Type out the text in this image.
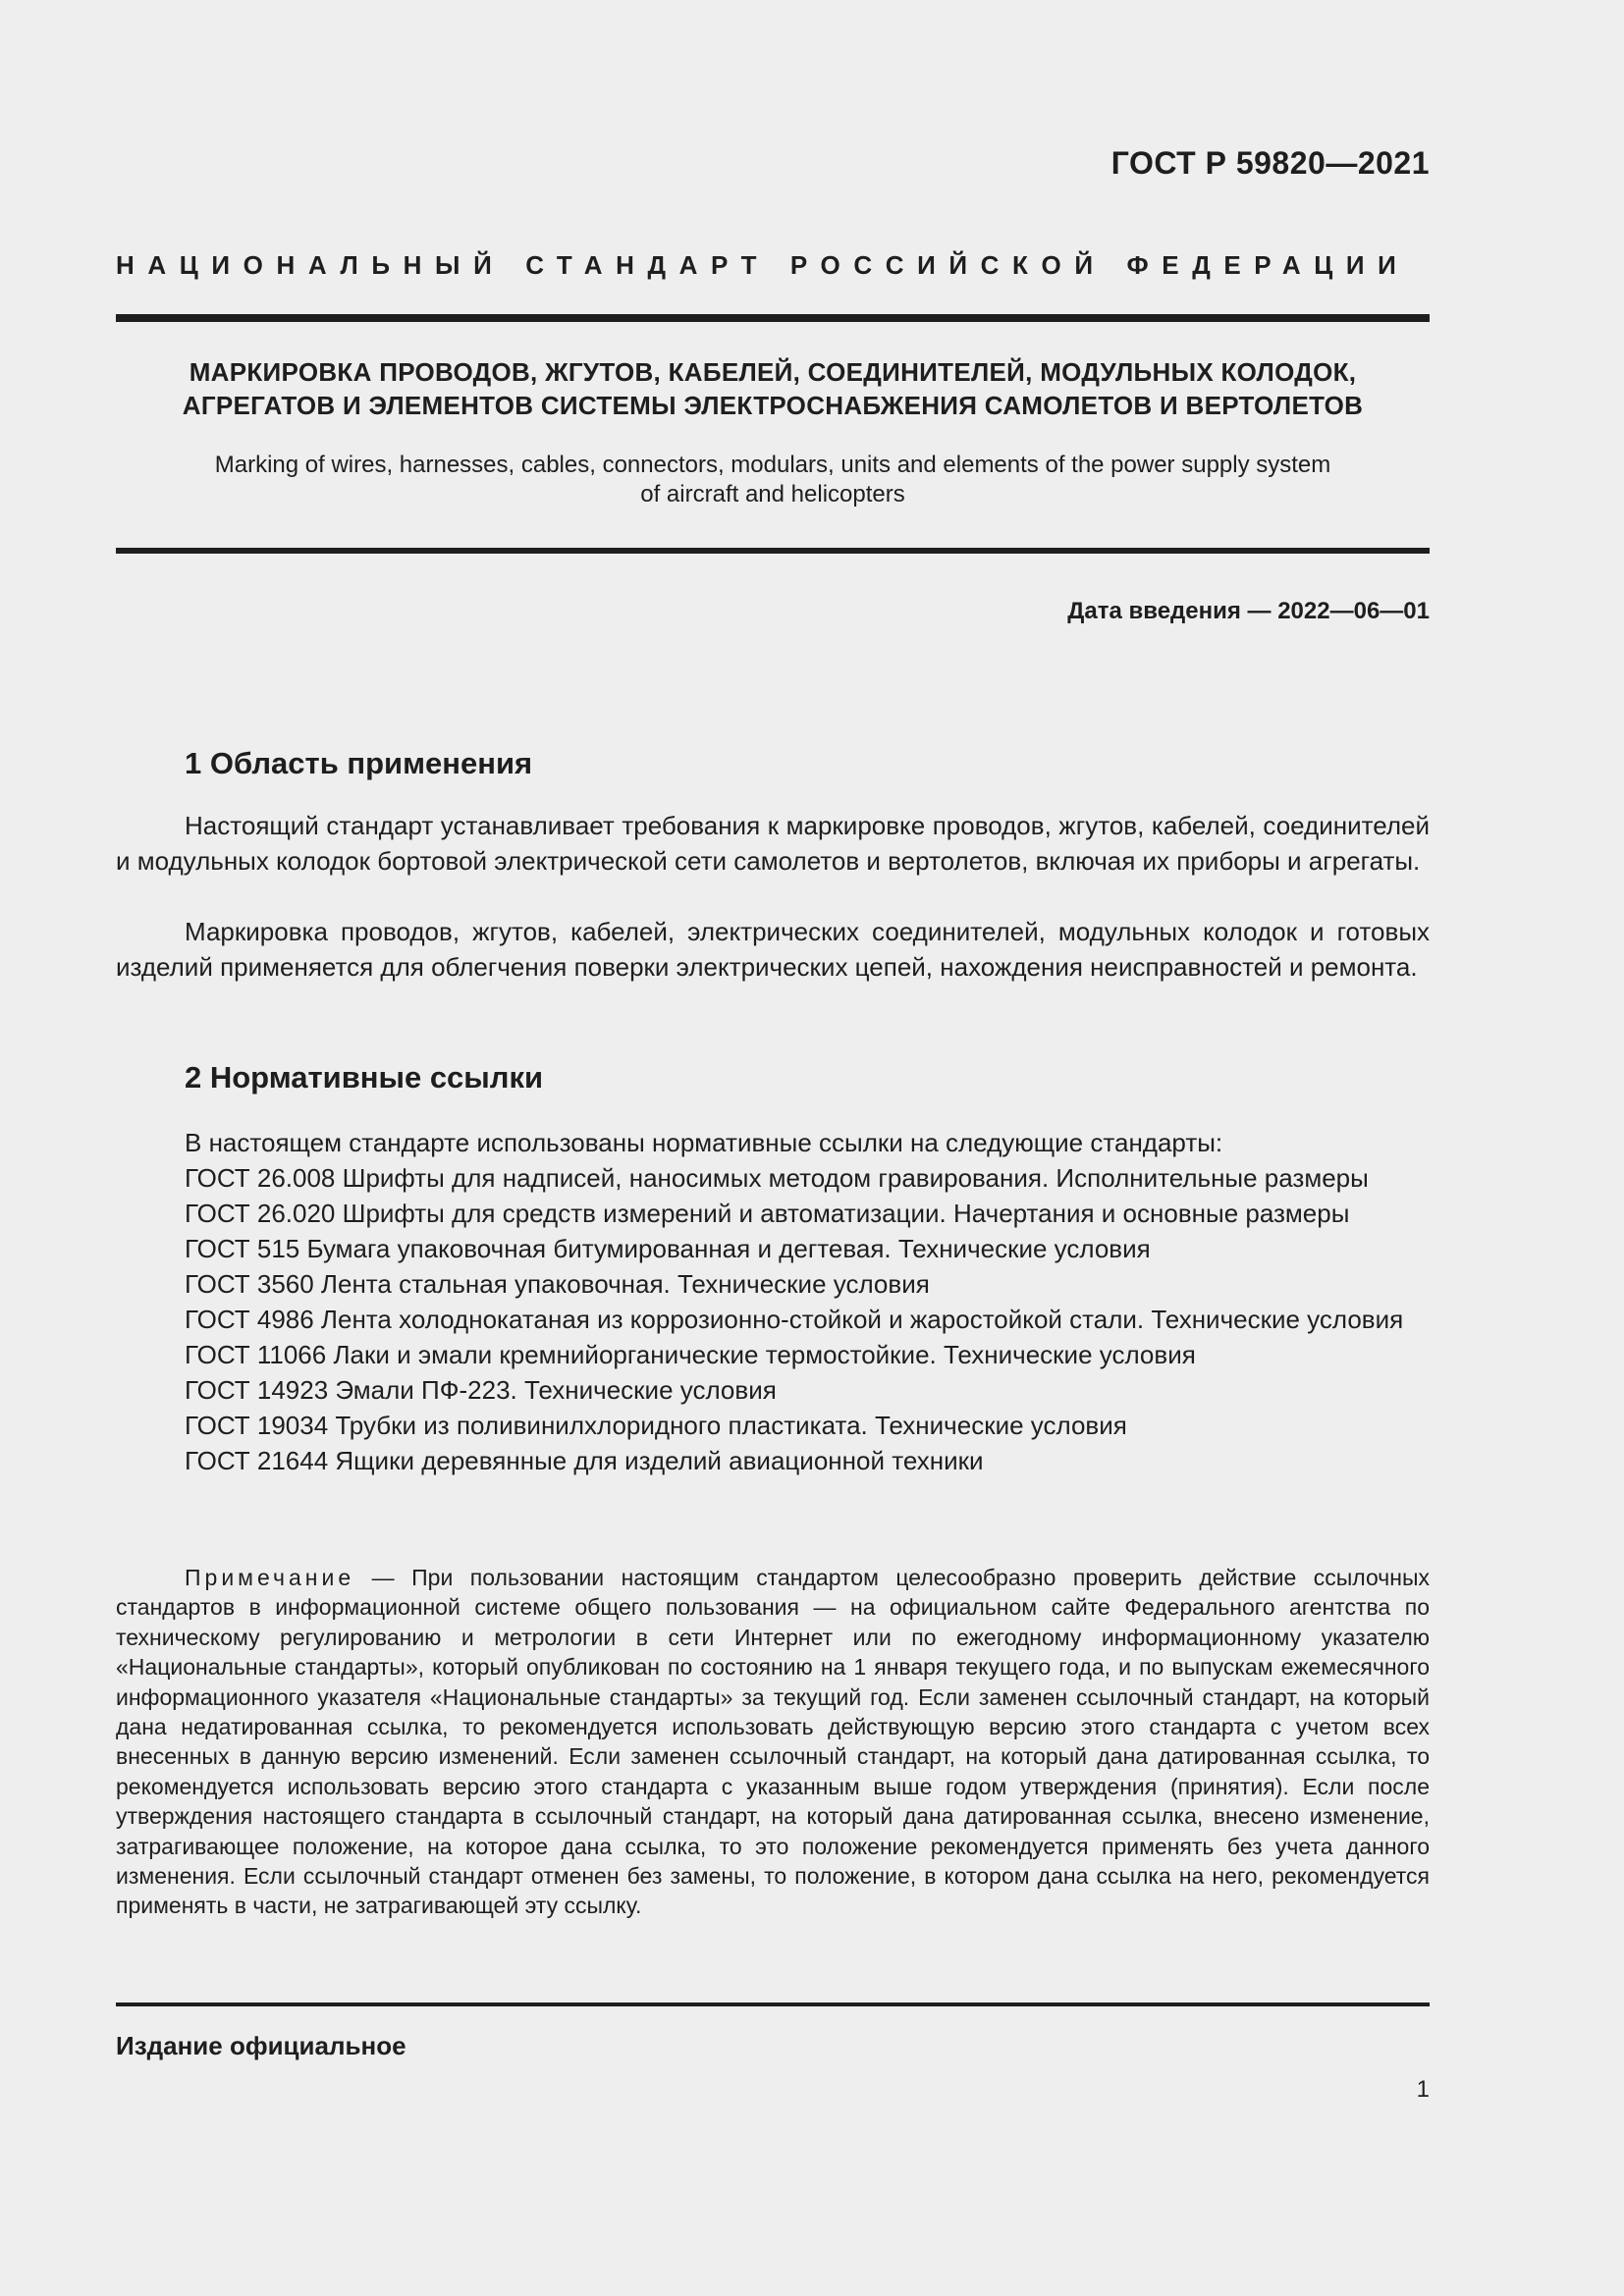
ГОСТ Р 59820—2021
НАЦИОНАЛЬНЫЙ СТАНДАРТ РОССИЙСКОЙ ФЕДЕРАЦИИ
МАРКИРОВКА ПРОВОДОВ, ЖГУТОВ, КАБЕЛЕЙ, СОЕДИНИТЕЛЕЙ, МОДУЛЬНЫХ КОЛОДОК,
АГРЕГАТОВ И ЭЛЕМЕНТОВ СИСТЕМЫ ЭЛЕКТРОСНАБЖЕНИЯ САМОЛЕТОВ И ВЕРТОЛЕТОВ
Marking of wires, harnesses, cables, connectors, modulars, units and elements of the power supply system
of aircraft and helicopters
Дата введения — 2022—06—01
1 Область применения
Настоящий стандарт устанавливает требования к маркировке проводов, жгутов, кабелей, соединителей и модульных колодок бортовой электрической сети самолетов и вертолетов, включая их приборы и агрегаты.
Маркировка проводов, жгутов, кабелей, электрических соединителей, модульных колодок и готовых изделий применяется для облегчения поверки электрических цепей, нахождения неисправностей и ремонта.
2 Нормативные ссылки
В настоящем стандарте использованы нормативные ссылки на следующие стандарты:
ГОСТ 26.008 Шрифты для надписей, наносимых методом гравирования. Исполнительные размеры
ГОСТ 26.020 Шрифты для средств измерений и автоматизации. Начертания и основные размеры
ГОСТ 515 Бумага упаковочная битумированная и дегтевая. Технические условия
ГОСТ 3560 Лента стальная упаковочная. Технические условия
ГОСТ 4986 Лента холоднокатаная из коррозионно-стойкой и жаростойкой стали. Технические условия
ГОСТ 11066 Лаки и эмали кремнийорганические термостойкие. Технические условия
ГОСТ 14923 Эмали ПФ-223. Технические условия
ГОСТ 19034 Трубки из поливинилхлоридного пластиката. Технические условия
ГОСТ 21644 Ящики деревянные для изделий авиационной техники
Примечание — При пользовании настоящим стандартом целесообразно проверить действие ссылочных стандартов в информационной системе общего пользования — на официальном сайте Федерального агентства по техническому регулированию и метрологии в сети Интернет или по ежегодному информационному указателю «Национальные стандарты», который опубликован по состоянию на 1 января текущего года, и по выпускам ежемесячного информационного указателя «Национальные стандарты» за текущий год. Если заменен ссылочный стандарт, на который дана недатированная ссылка, то рекомендуется использовать действующую версию этого стандарта с учетом всех внесенных в данную версию изменений. Если заменен ссылочный стандарт, на который дана датированная ссылка, то рекомендуется использовать версию этого стандарта с указанным выше годом утверждения (принятия). Если после утверждения настоящего стандарта в ссылочный стандарт, на который дана датированная ссылка, внесено изменение, затрагивающее положение, на которое дана ссылка, то это положение рекомендуется применять без учета данного изменения. Если ссылочный стандарт отменен без замены, то положение, в котором дана ссылка на него, рекомендуется применять в части, не затрагивающей эту ссылку.
Издание официальное
1
